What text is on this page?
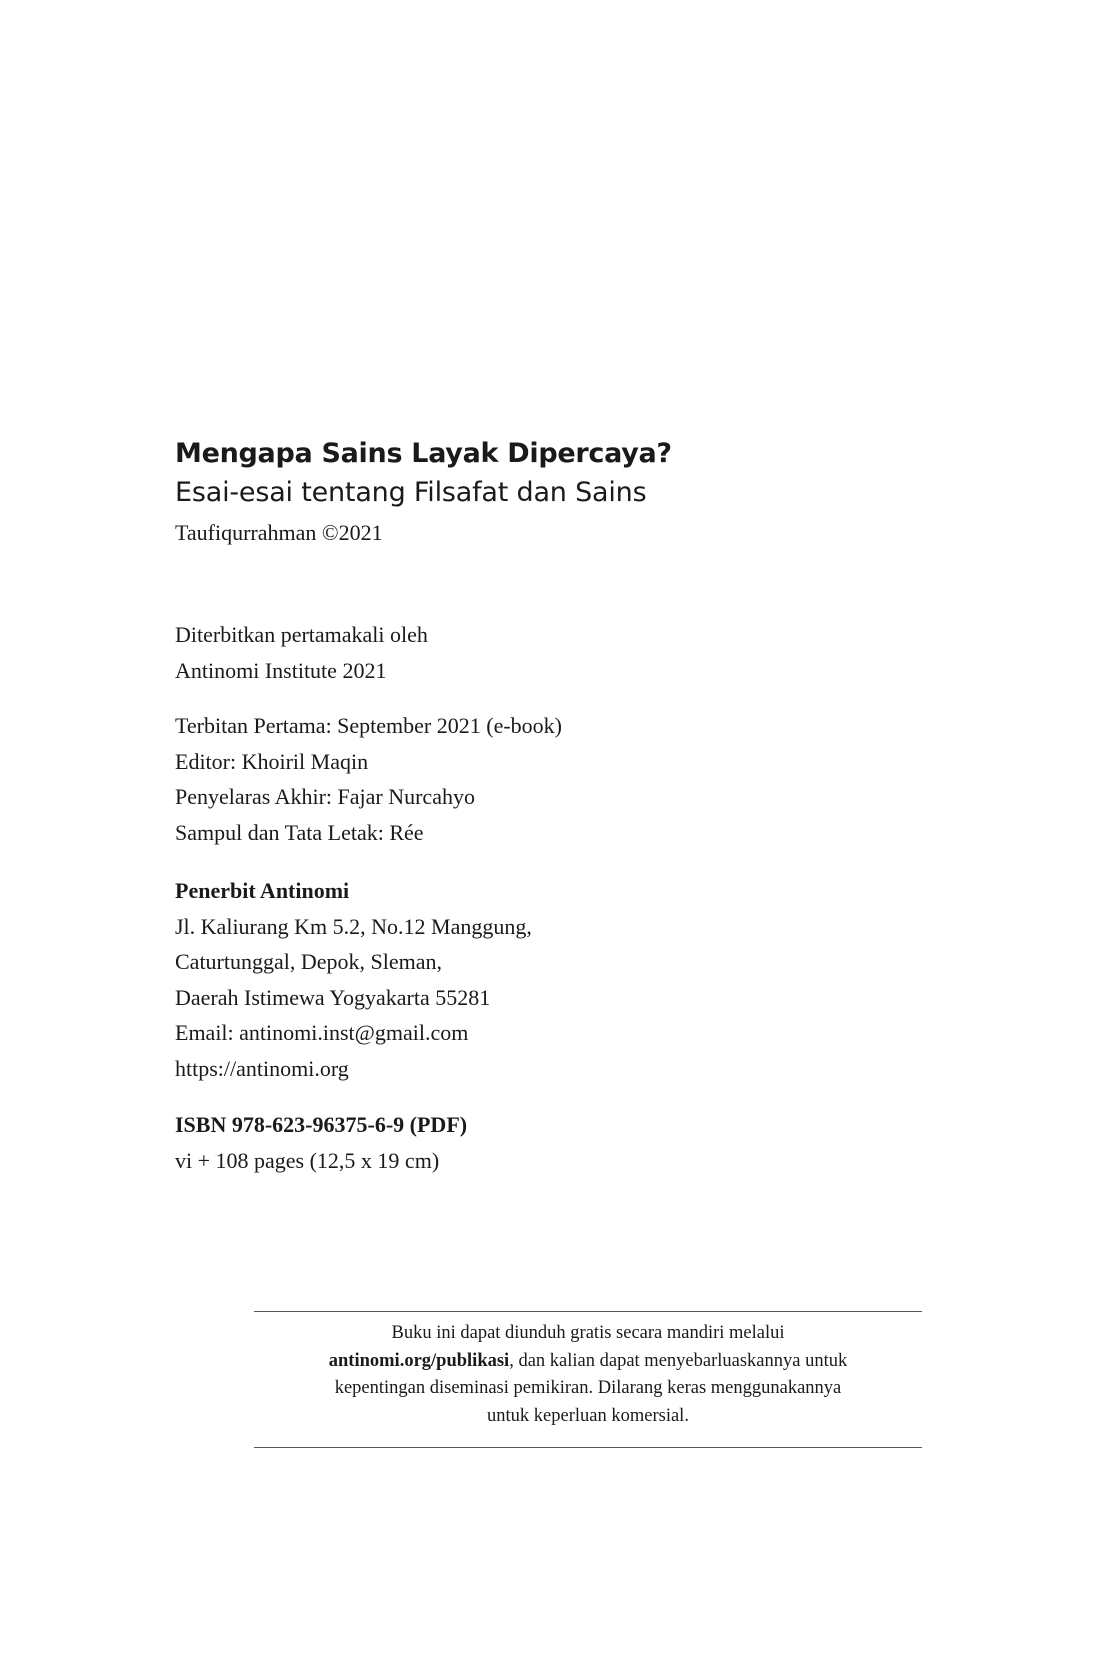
Mengapa Sains Layak Dipercaya?
Esai-esai tentang Filsafat dan Sains
Taufiqurrahman ©2021
Diterbitkan pertamakali oleh
Antinomi Institute 2021
Terbitan Pertama: September 2021 (e-book)
Editor: Khoiril Maqin
Penyelaras Akhir: Fajar Nurcahyo
Sampul dan Tata Letak: Rée
Penerbit Antinomi
Jl. Kaliurang Km 5.2, No.12 Manggung,
Caturtunggal, Depok, Sleman,
Daerah Istimewa Yogyakarta 55281
Email: antinomi.inst@gmail.com
https://antinomi.org
ISBN 978-623-96375-6-9 (PDF)
vi + 108 pages (12,5 x 19 cm)
Buku ini dapat diunduh gratis secara mandiri melalui
antinomi.org/publikasi, dan kalian dapat menyebarluaskannya untuk
kepentingan diseminasi pemikiran. Dilarang keras menggunakannya
untuk keperluan komersial.
